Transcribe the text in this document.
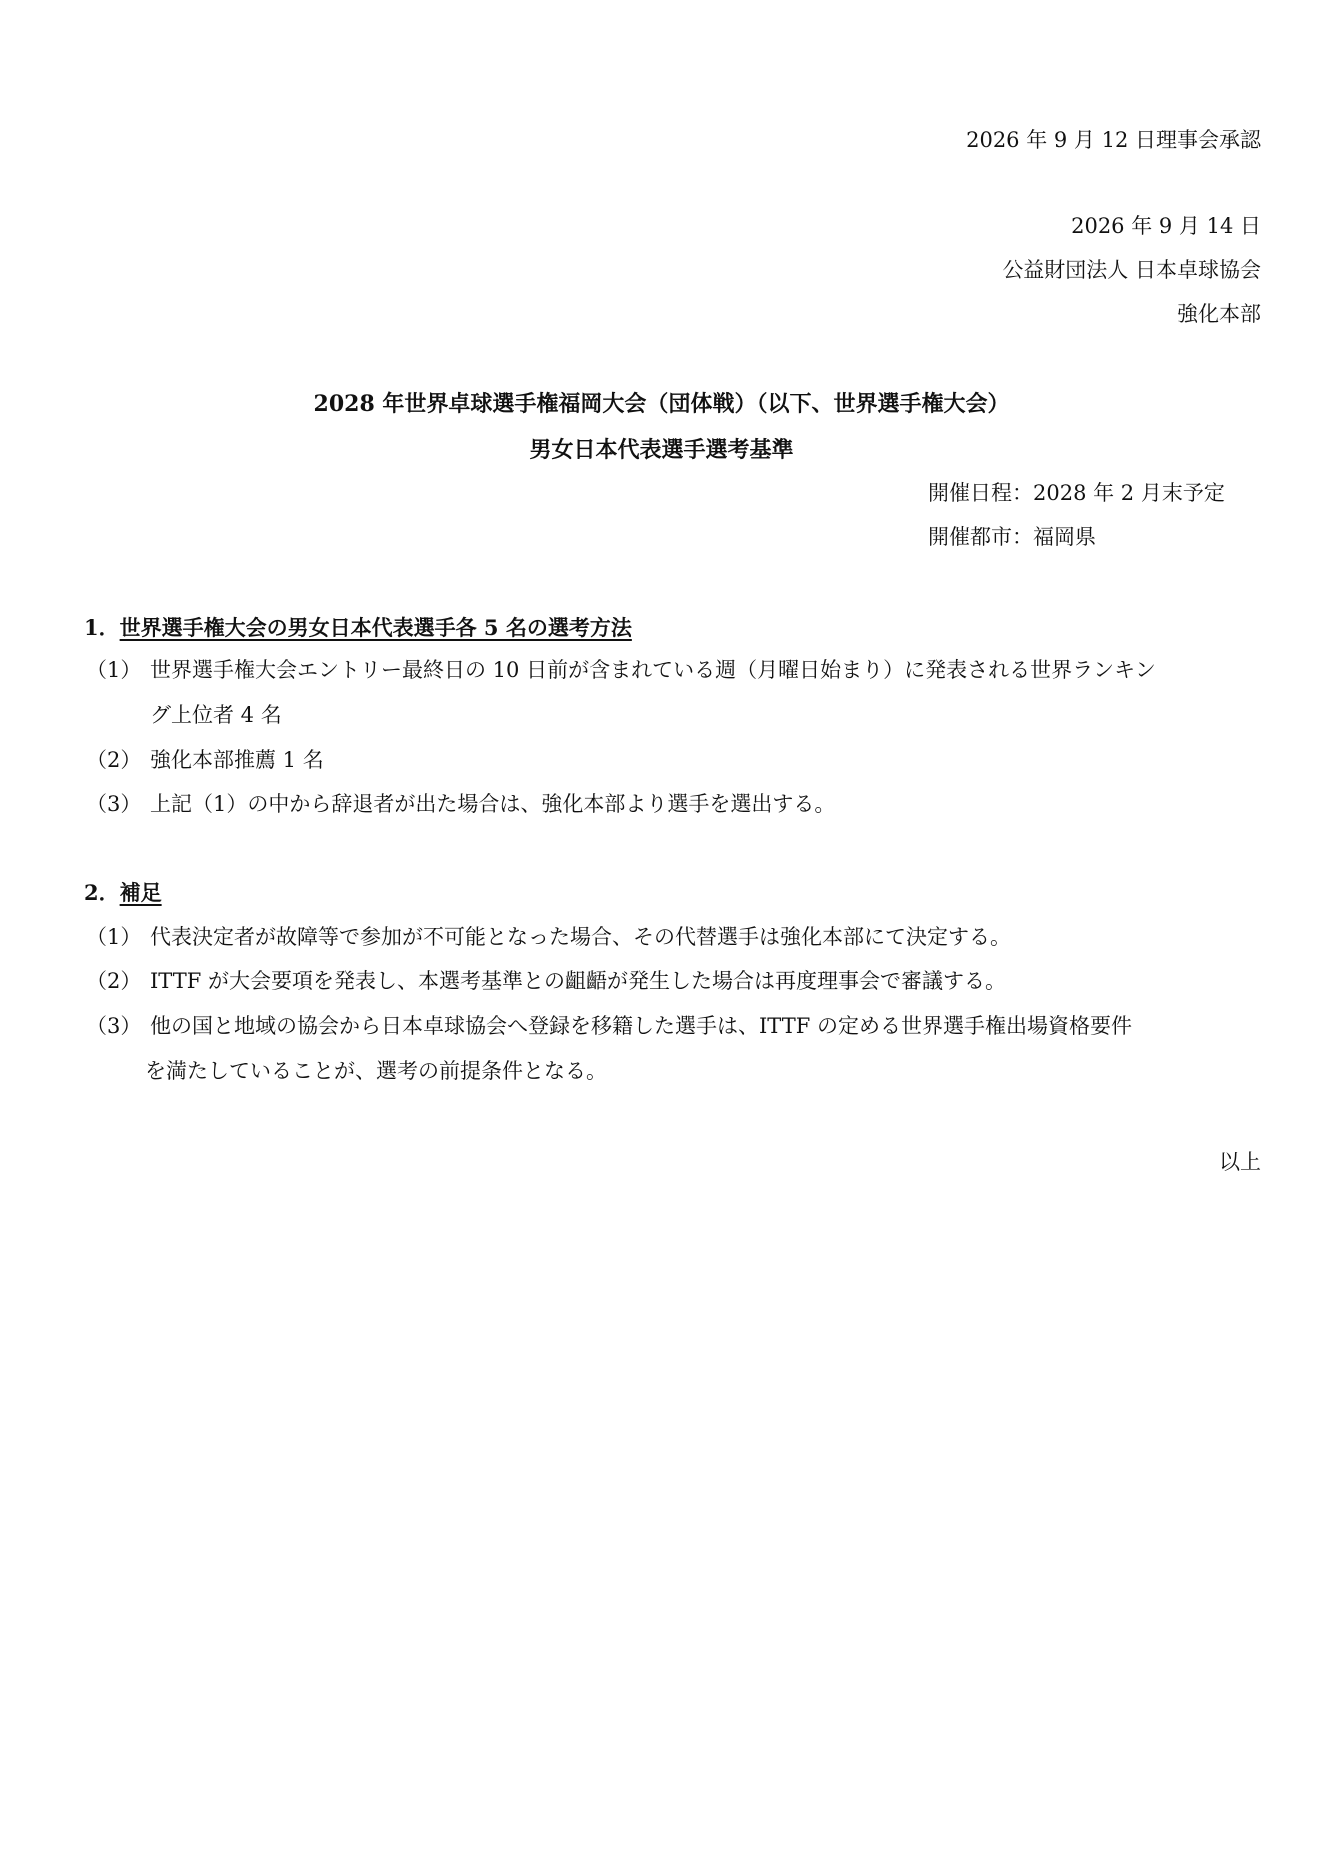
2026 年 9 月 12 日理事会承認
2026 年 9 月 14 日
公益財団法人 日本卓球協会
強化本部
2028 年世界卓球選手権福岡大会（団体戦）（以下、世界選手権大会）
男女日本代表選手選考基準
開催日程：2028 年 2 月末予定
開催都市：福岡県
1．世界選手権大会の男女日本代表選手各 5 名の選考方法
（1） 世界選手権大会エントリー最終日の 10 日前が含まれている週（月曜日始まり）に発表される世界ランキン
グ上位者 4 名
（2） 強化本部推薦 1 名
（3） 上記（1）の中から辞退者が出た場合は、強化本部より選手を選出する。
2．補足
（1） 代表決定者が故障等で参加が不可能となった場合、その代替選手は強化本部にて決定する。
（2） ITTF が大会要項を発表し、本選考基準との齟齬が発生した場合は再度理事会で審議する。
（3） 他の国と地域の協会から日本卓球協会へ登録を移籍した選手は、ITTF の定める世界選手権出場資格要件
を満たしていることが、選考の前提条件となる。
以上
